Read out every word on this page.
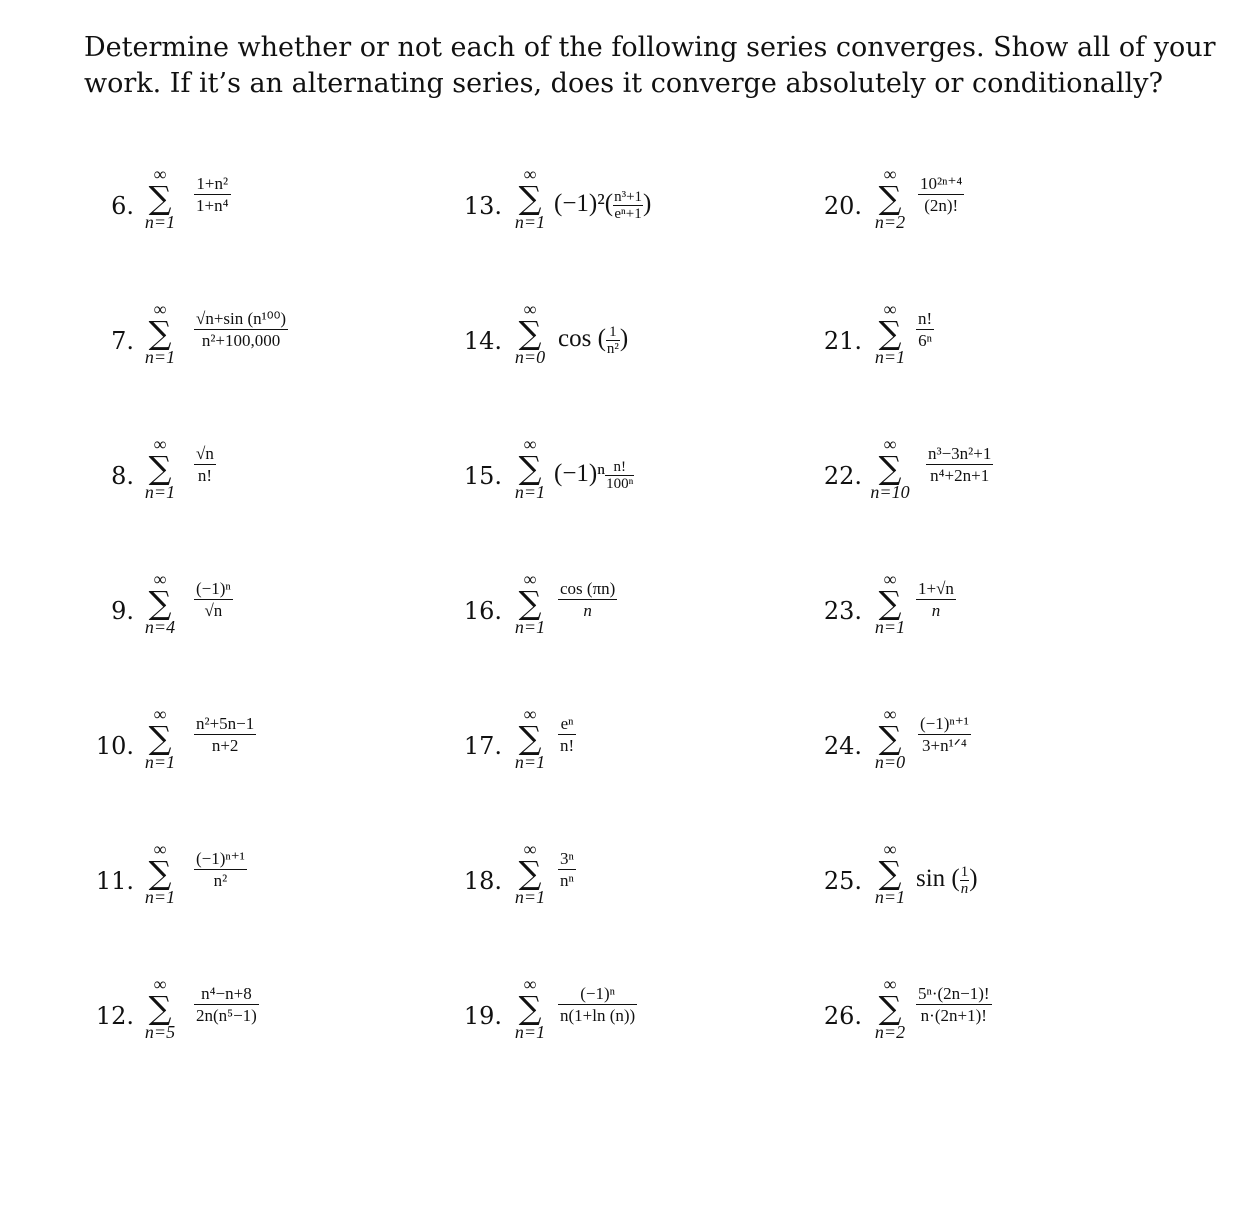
Determine whether or not each of the following series converges. Show all of your work. If it’s an alternating series, does it converge absolutely or conditionally?

6.
∞
∑
n=1
$\frac{\text{1+n²}}{\text{1+n⁴}}$
7.
∞
∑
n=1
$\frac{\text{√n+sin (n¹⁰⁰)}}{\text{n²+100,000}}$
8.
∞
∑
n=1
$\frac{√n}{n!}$
9.
∞
∑
n=4
$\frac{\text{(−1)ⁿ}}{√n}$
10.
∞
∑
n=1
$\frac{\text{n²+5n−1}}{n+2}$
11.
∞
∑
n=1
$\frac{\text{(−1)ⁿ⁺¹}}{\text{n²}}$
12.
∞
∑
n=5
$\frac{\text{n⁴−n+8}}{\text{2n(n⁵−1)}}$
13.
∞
∑
n=1
$(-1)^2( \frac{\text{n³+1}}{\text{eⁿ+1}}$ )
14.
∞
∑
n=0
cos ( $\frac{1}{\text{n²}}$ )
15.
∞
∑
n=1
$(-1)^n \frac{n!}{\text{100ⁿ}}$
16.
∞
∑
n=1
$\frac{\cos (\pi n)}{n}$
17.
∞
∑
n=1
$\frac{\text{eⁿ}}{n!}$
18.
∞
∑
n=1
$\frac{\text{3ⁿ}}{\text{nⁿ}}$
19.
∞
∑
n=1
$\frac{\text{(−1)ⁿ}}{n(1+\ln (n))}$
20.
∞
∑
n=2
$\frac{\text{10²ⁿ⁺⁴}}{(2n)!}$
21.
∞
∑
n=1
$\frac{n!}{\text{6ⁿ}}$
22.
∞
∑
n=10
$\frac{\text{n³−3n²+1}}{\text{n⁴+2n+1}}$
23.
∞
∑
n=1
$\frac{1+√n}{n}$
24.
∞
∑
n=0
(−1)ⁿ⁺¹
3+n¹ᐟ⁴
25.
∞
∑
n=1
sin ( $\frac{1}{n}$ )
26.
∞
∑
n=2
$\frac{\text{5ⁿ·(2n−1)!}}{n\cdot(2n+1)!}$
